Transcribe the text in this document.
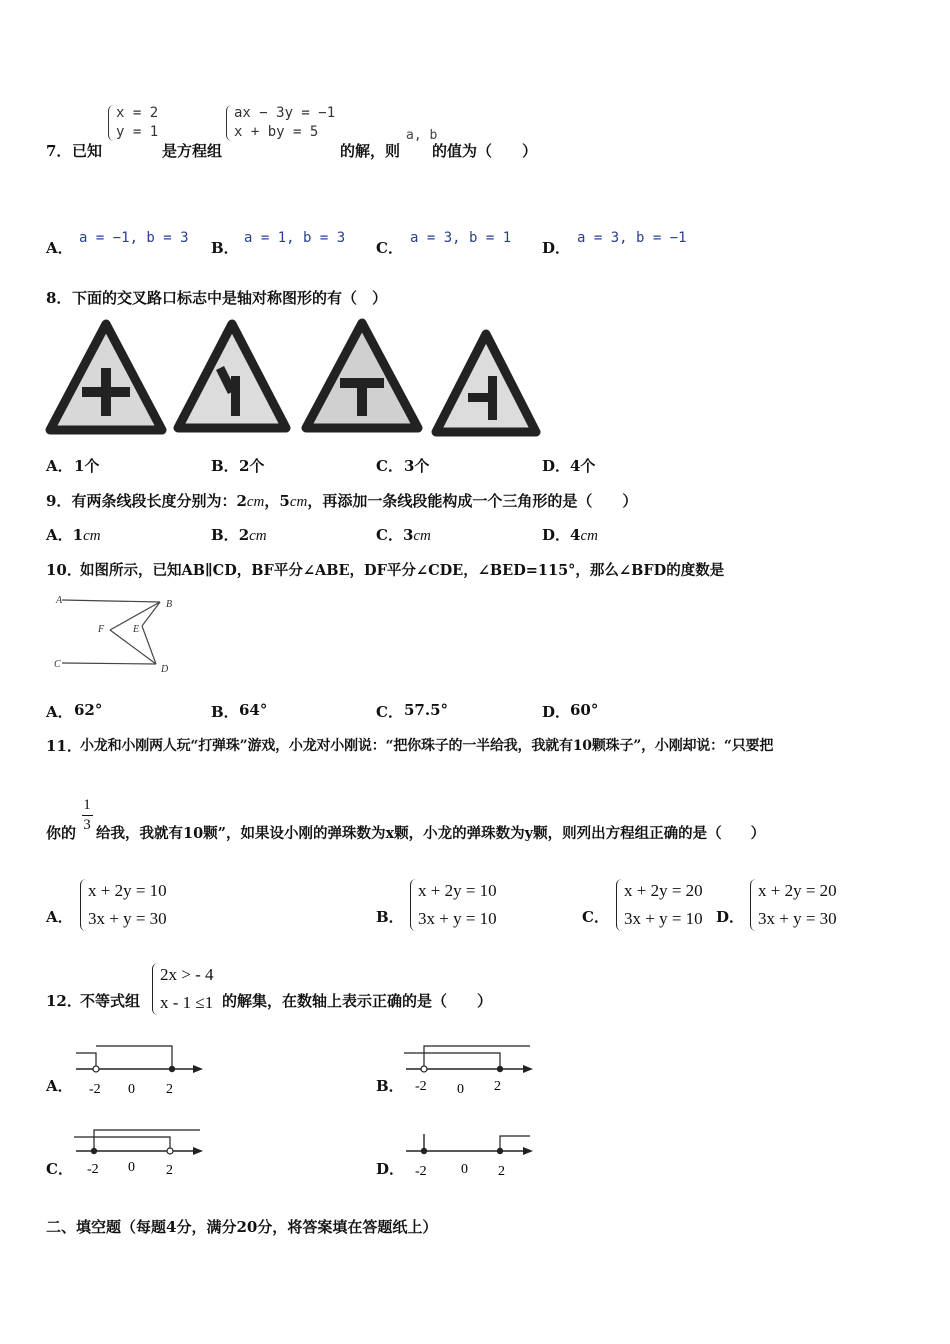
7． 已知
x = 2
y = 1
是方程组
ax − 3y = −1
x + by = 5
的解，则
a, b
的值为（　　）
A．
a = −1, b = 3
B．
a = 1, b = 3
C．
a = 3, b = 1
D．
a = 3, b = −1
8． 下面的交叉路口标志中是轴对称图形的有（　）
A． 1个	B． 2个	C． 3个	D． 4个
9．有两条线段长度分别为：2cm，5cm，再添加一条线段能构成一个三角形的是（　　）
A．1cm	B．2cm	C．3cm	D．4cm
10．
如图所示，已知AB∥CD，BF平分∠ABE，DF平分∠CDE，∠BED=115°，那么∠BFD的度数是
A	B
C	D
E
F
A． 62°	B． 64°	C． 57.5°	D． 60°
11．
小龙和小刚两人玩“打弹珠”游戏，小龙对小刚说：“把你珠子的一半给我，我就有10颗珠子”，小刚却说：“只要把
你的
1
3 给我，我就有10颗”，如果设小刚的弹珠数为x颗，小龙的弹珠数为y颗，则列出方程组正确的是（　　）
A．
x + 2y = 10
3x + y = 30	B．
x + 2y = 10
3x + y = 10	C．
x + 2y = 20
3x + y = 10 D．
x + 2y = 20
3x + y = 30
12．
不等式组
2x > - 4
x - 1 ≤1 的解集，在数轴上表示正确的是（　　）
A． -2 0 2	B． -2 0 2
C． -2 0 2	D． -2 0 2
二、填空题（每题4分，满分20分，将答案填在答题纸上）
